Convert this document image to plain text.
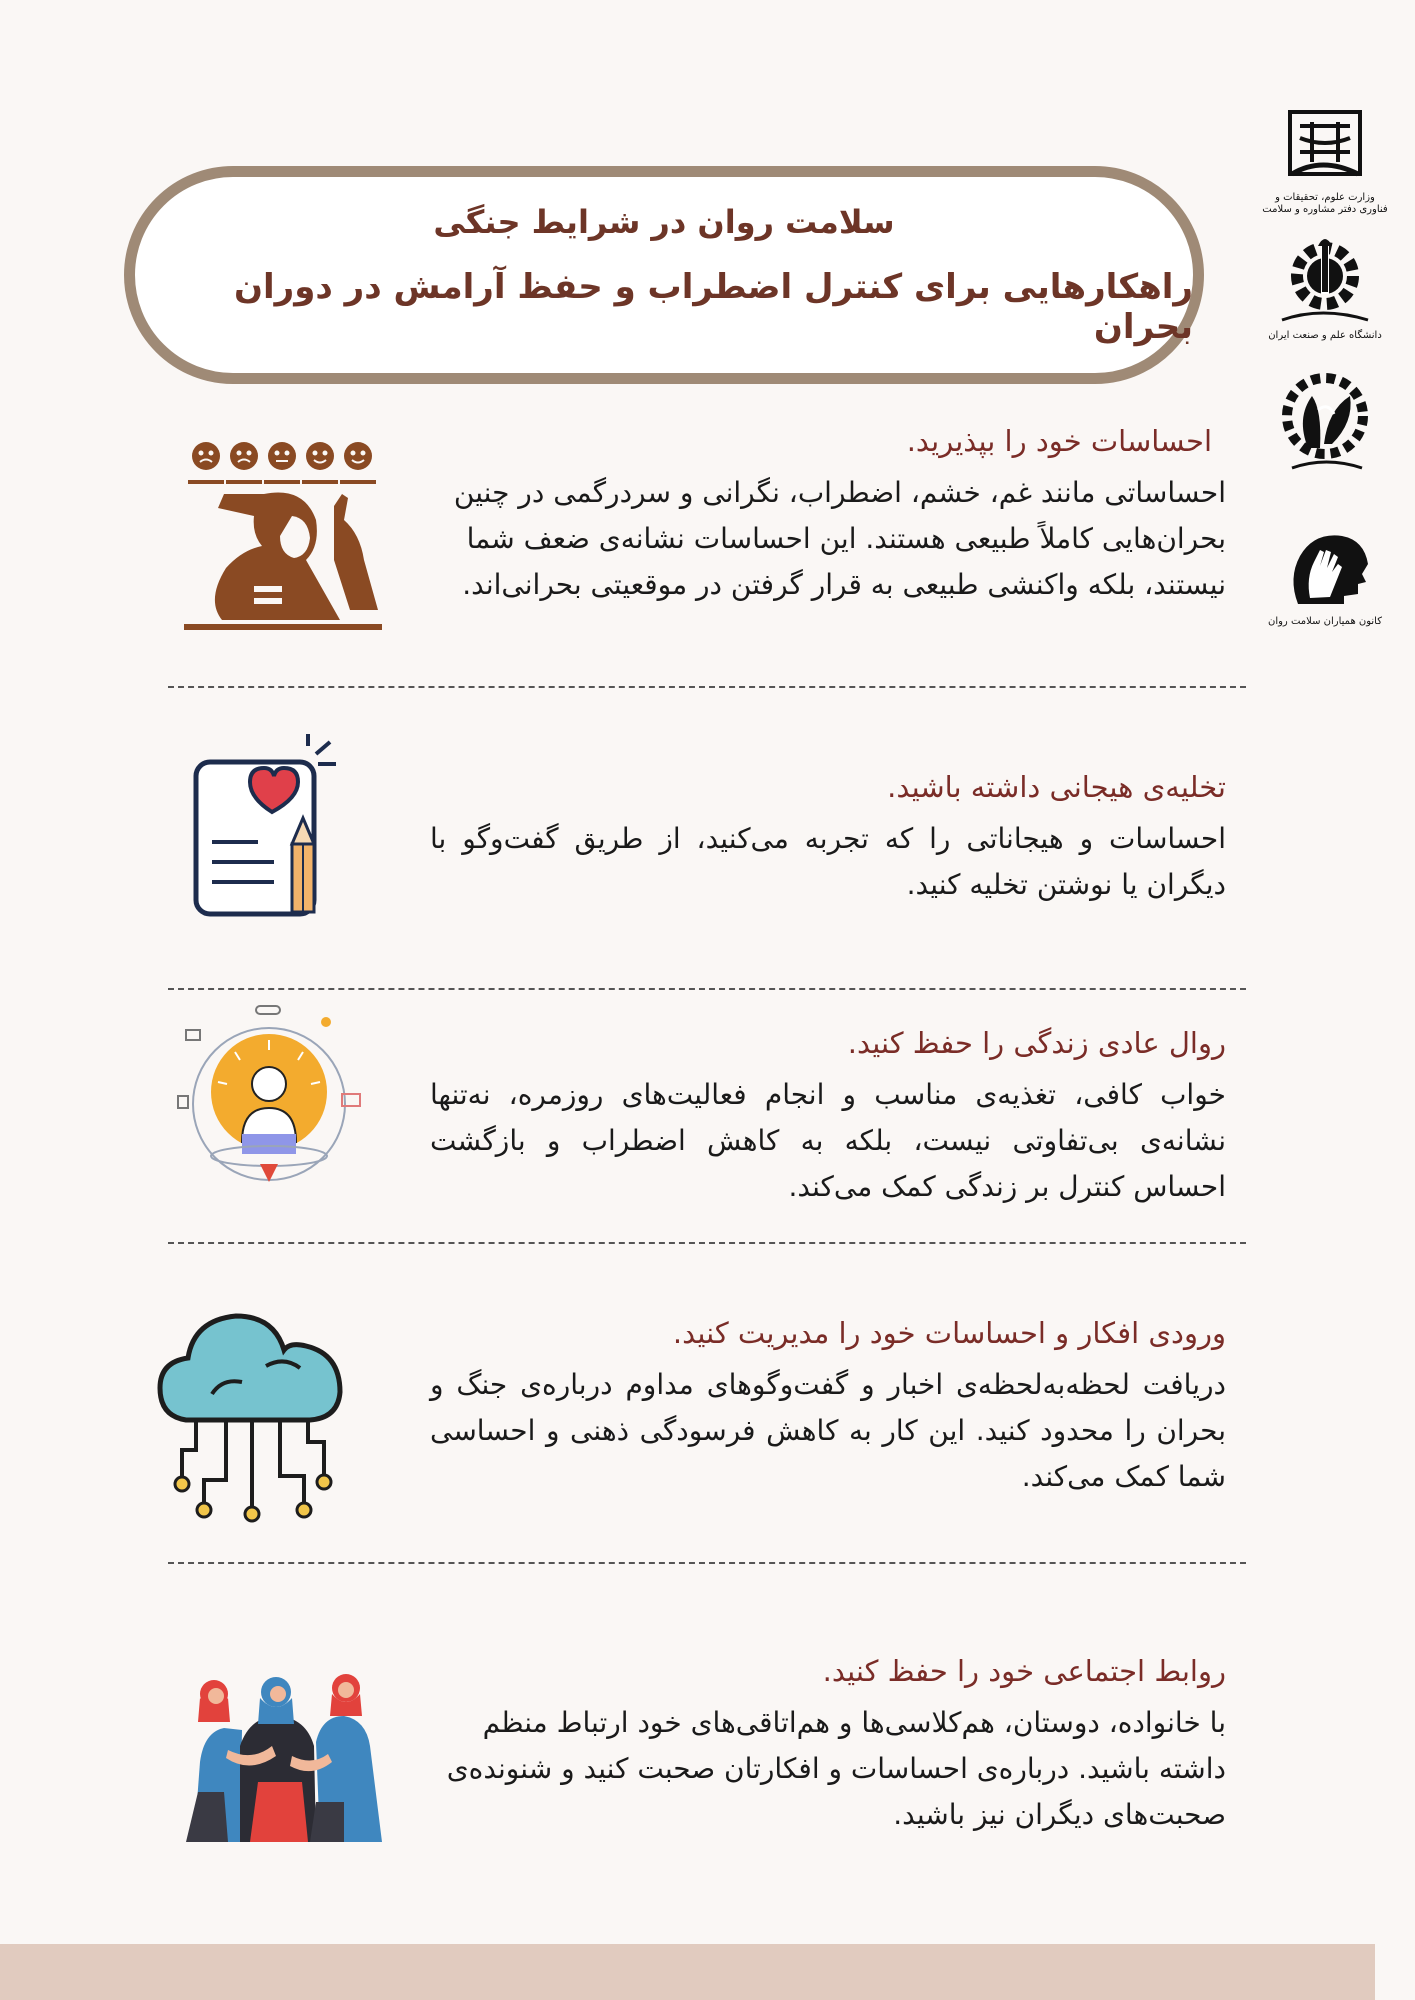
سلامت روان در شرایط جنگی
راهکارهایی برای کنترل اضطراب و حفظ آرامش در دوران بحران
وزارت علوم، تحقیقات و فناوری دفتر مشاوره و سلامت
دانشگاه علم و صنعت ایران
کانون همیاران سلامت روان
احساسات خود را بپذیرید.
احساساتی مانند غم، خشم، اضطراب، نگرانی و سردرگمی در چنین بحران‌هایی کاملاً طبیعی هستند. این احساسات نشانه‌ی ضعف شما نیستند، بلکه واکنشی طبیعی به قرار گرفتن در موقعیتی بحرانی‌اند.
تخلیه‌ی هیجانی داشته باشید.
احساسات و هیجاناتی را که تجربه می‌کنید، از طریق گفت‌وگو با دیگران یا نوشتن تخلیه کنید.
روال عادی زندگی را حفظ کنید.
خواب کافی، تغذیه‌ی مناسب و انجام فعالیت‌های روزمره، نه‌تنها نشانه‌ی بی‌تفاوتی نیست، بلکه به کاهش اضطراب و بازگشت احساس کنترل بر زندگی کمک می‌کند.
ورودی افکار و احساسات خود را مدیریت کنید.
دریافت لحظه‌به‌لحظه‌ی اخبار و گفت‌وگوهای مداوم درباره‌ی جنگ و بحران را محدود کنید. این کار به کاهش فرسودگی ذهنی و احساسی شما کمک می‌کند.
روابط اجتماعی خود را حفظ کنید.
با خانواده، دوستان، هم‌کلاسی‌ها و هم‌اتاقی‌های خود ارتباط منظم داشته باشید. درباره‌ی احساسات و افکارتان صحبت کنید و شنونده‌ی صحبت‌های دیگران نیز باشید.
